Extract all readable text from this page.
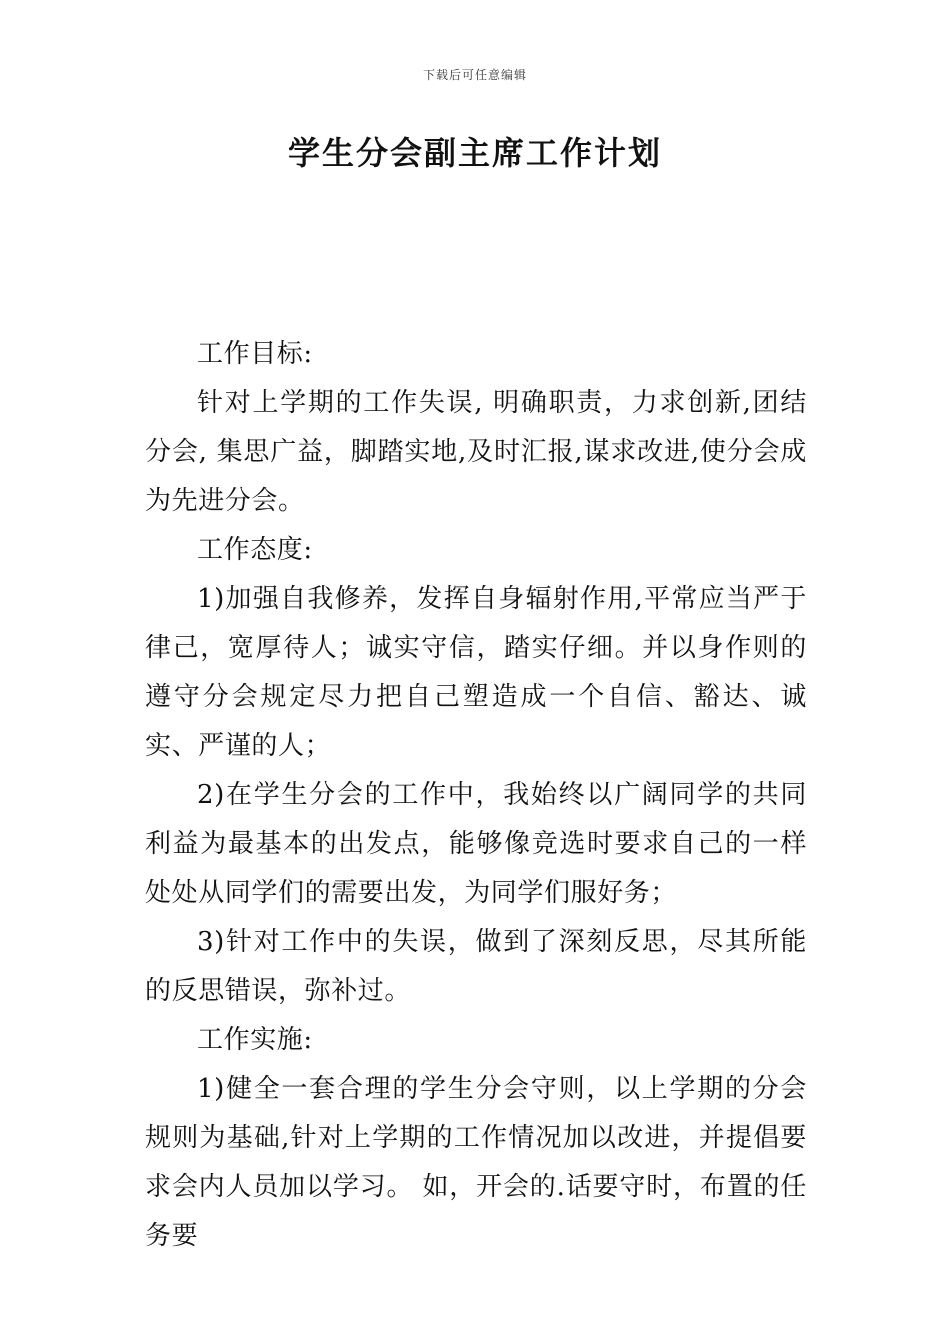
下载后可任意编辑
学生分会副主席工作计划

工作目标:

针对上学期的工作失误, 明确职责，力求创新,团结分会, 集思广益，脚踏实地,及时汇报,谋求改进,使分会成为先进分会。

工作态度:

1)加强自我修养，发挥自身辐射作用,平常应当严于律己，宽厚待人；诚实守信，踏实仔细。并以身作则的遵守分会规定尽力把自己塑造成一个自信、豁达、诚实、严谨的人；

2)在学生分会的工作中，我始终以广阔同学的共同利益为最基本的出发点，能够像竞选时要求自己的一样处处从同学们的需要出发，为同学们服好务；

3)针对工作中的失误，做到了深刻反思，尽其所能的反思错误，弥补过。

工作实施:

1)健全一套合理的学生分会守则，以上学期的分会规则为基础,针对上学期的工作情况加以改进，并提倡要求会内人员加以学习。 如，开会的.话要守时，布置的任务要
